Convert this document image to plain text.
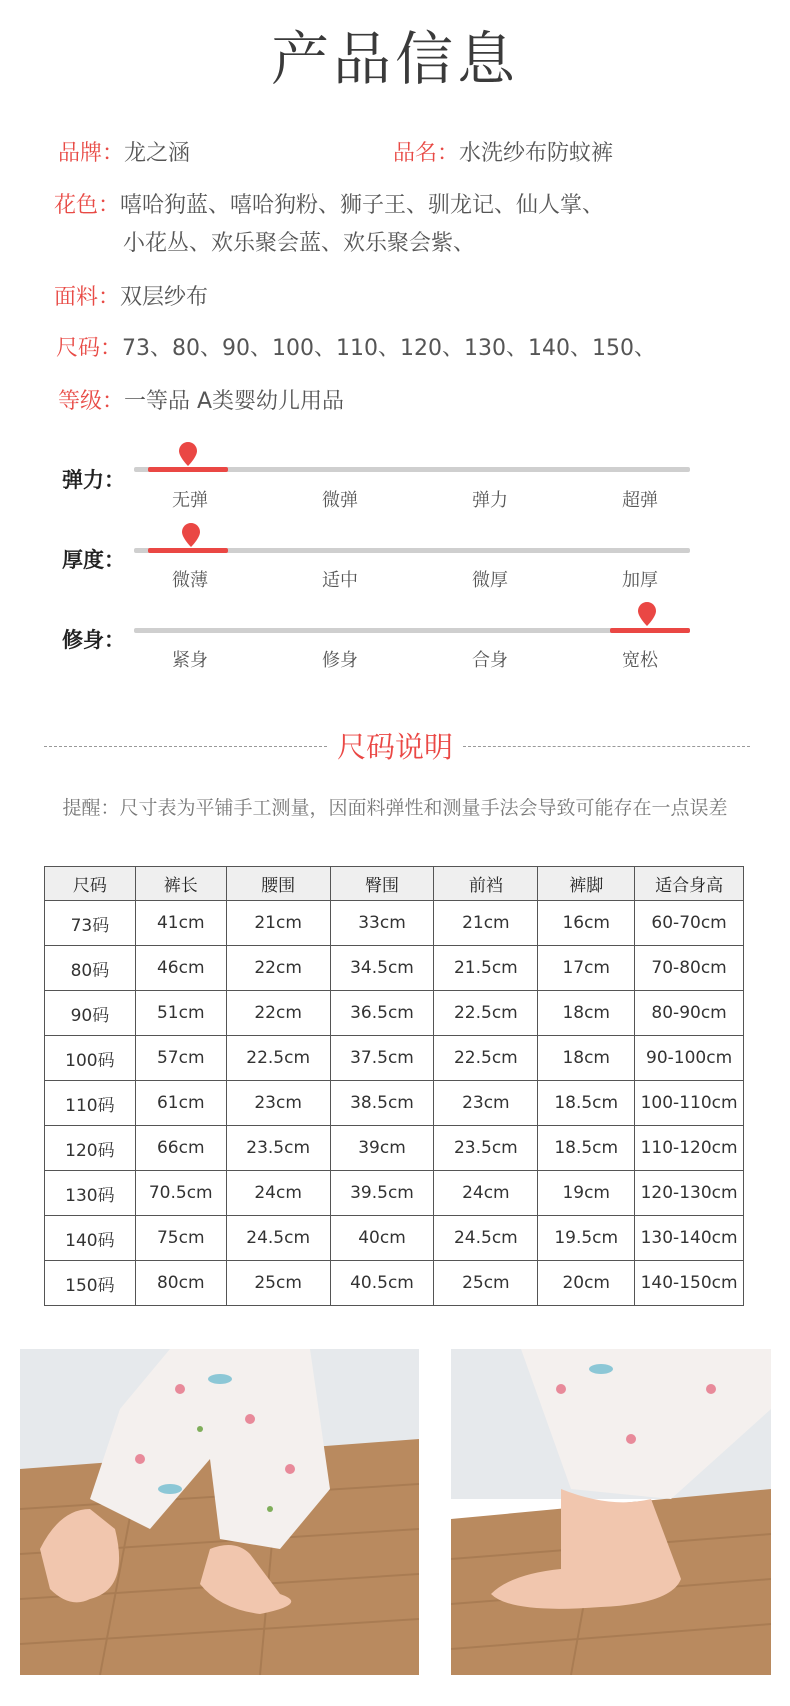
产品信息
品牌：龙之涵	品名：水洗纱布防蚊裤
花色：嘻哈狗蓝、嘻哈狗粉、狮子王、驯龙记、仙人掌、
小花丛、欢乐聚会蓝、欢乐聚会紫、
面料：双层纱布
尺码：73、80、90、100、110、120、130、140、150、
等级：一等品 A类婴幼儿用品
弹力：
无弹	微弹	弹力	超弹
厚度：
微薄	适中	微厚	加厚
修身：
紧身	修身	合身	宽松
尺码说明
提醒：尺寸表为平铺手工测量，因面料弹性和测量手法会导致可能存在一点误差
尺码	裤长	腰围	臀围	前裆	裤脚	适合身高
73码	41cm	21cm	33cm	21cm	16cm	60-70cm
80码	46cm	22cm	34.5cm	21.5cm	17cm	70-80cm
90码	51cm	22cm	36.5cm	22.5cm	18cm	80-90cm
100码	57cm	22.5cm	37.5cm	22.5cm	18cm	90-100cm
110码	61cm	23cm	38.5cm	23cm	18.5cm	100-110cm
120码	66cm	23.5cm	39cm	23.5cm	18.5cm	110-120cm
130码	70.5cm	24cm	39.5cm	24cm	19cm	120-130cm
140码	75cm	24.5cm	40cm	24.5cm	19.5cm	130-140cm
150码	80cm	25cm	40.5cm	25cm	20cm	140-150cm
